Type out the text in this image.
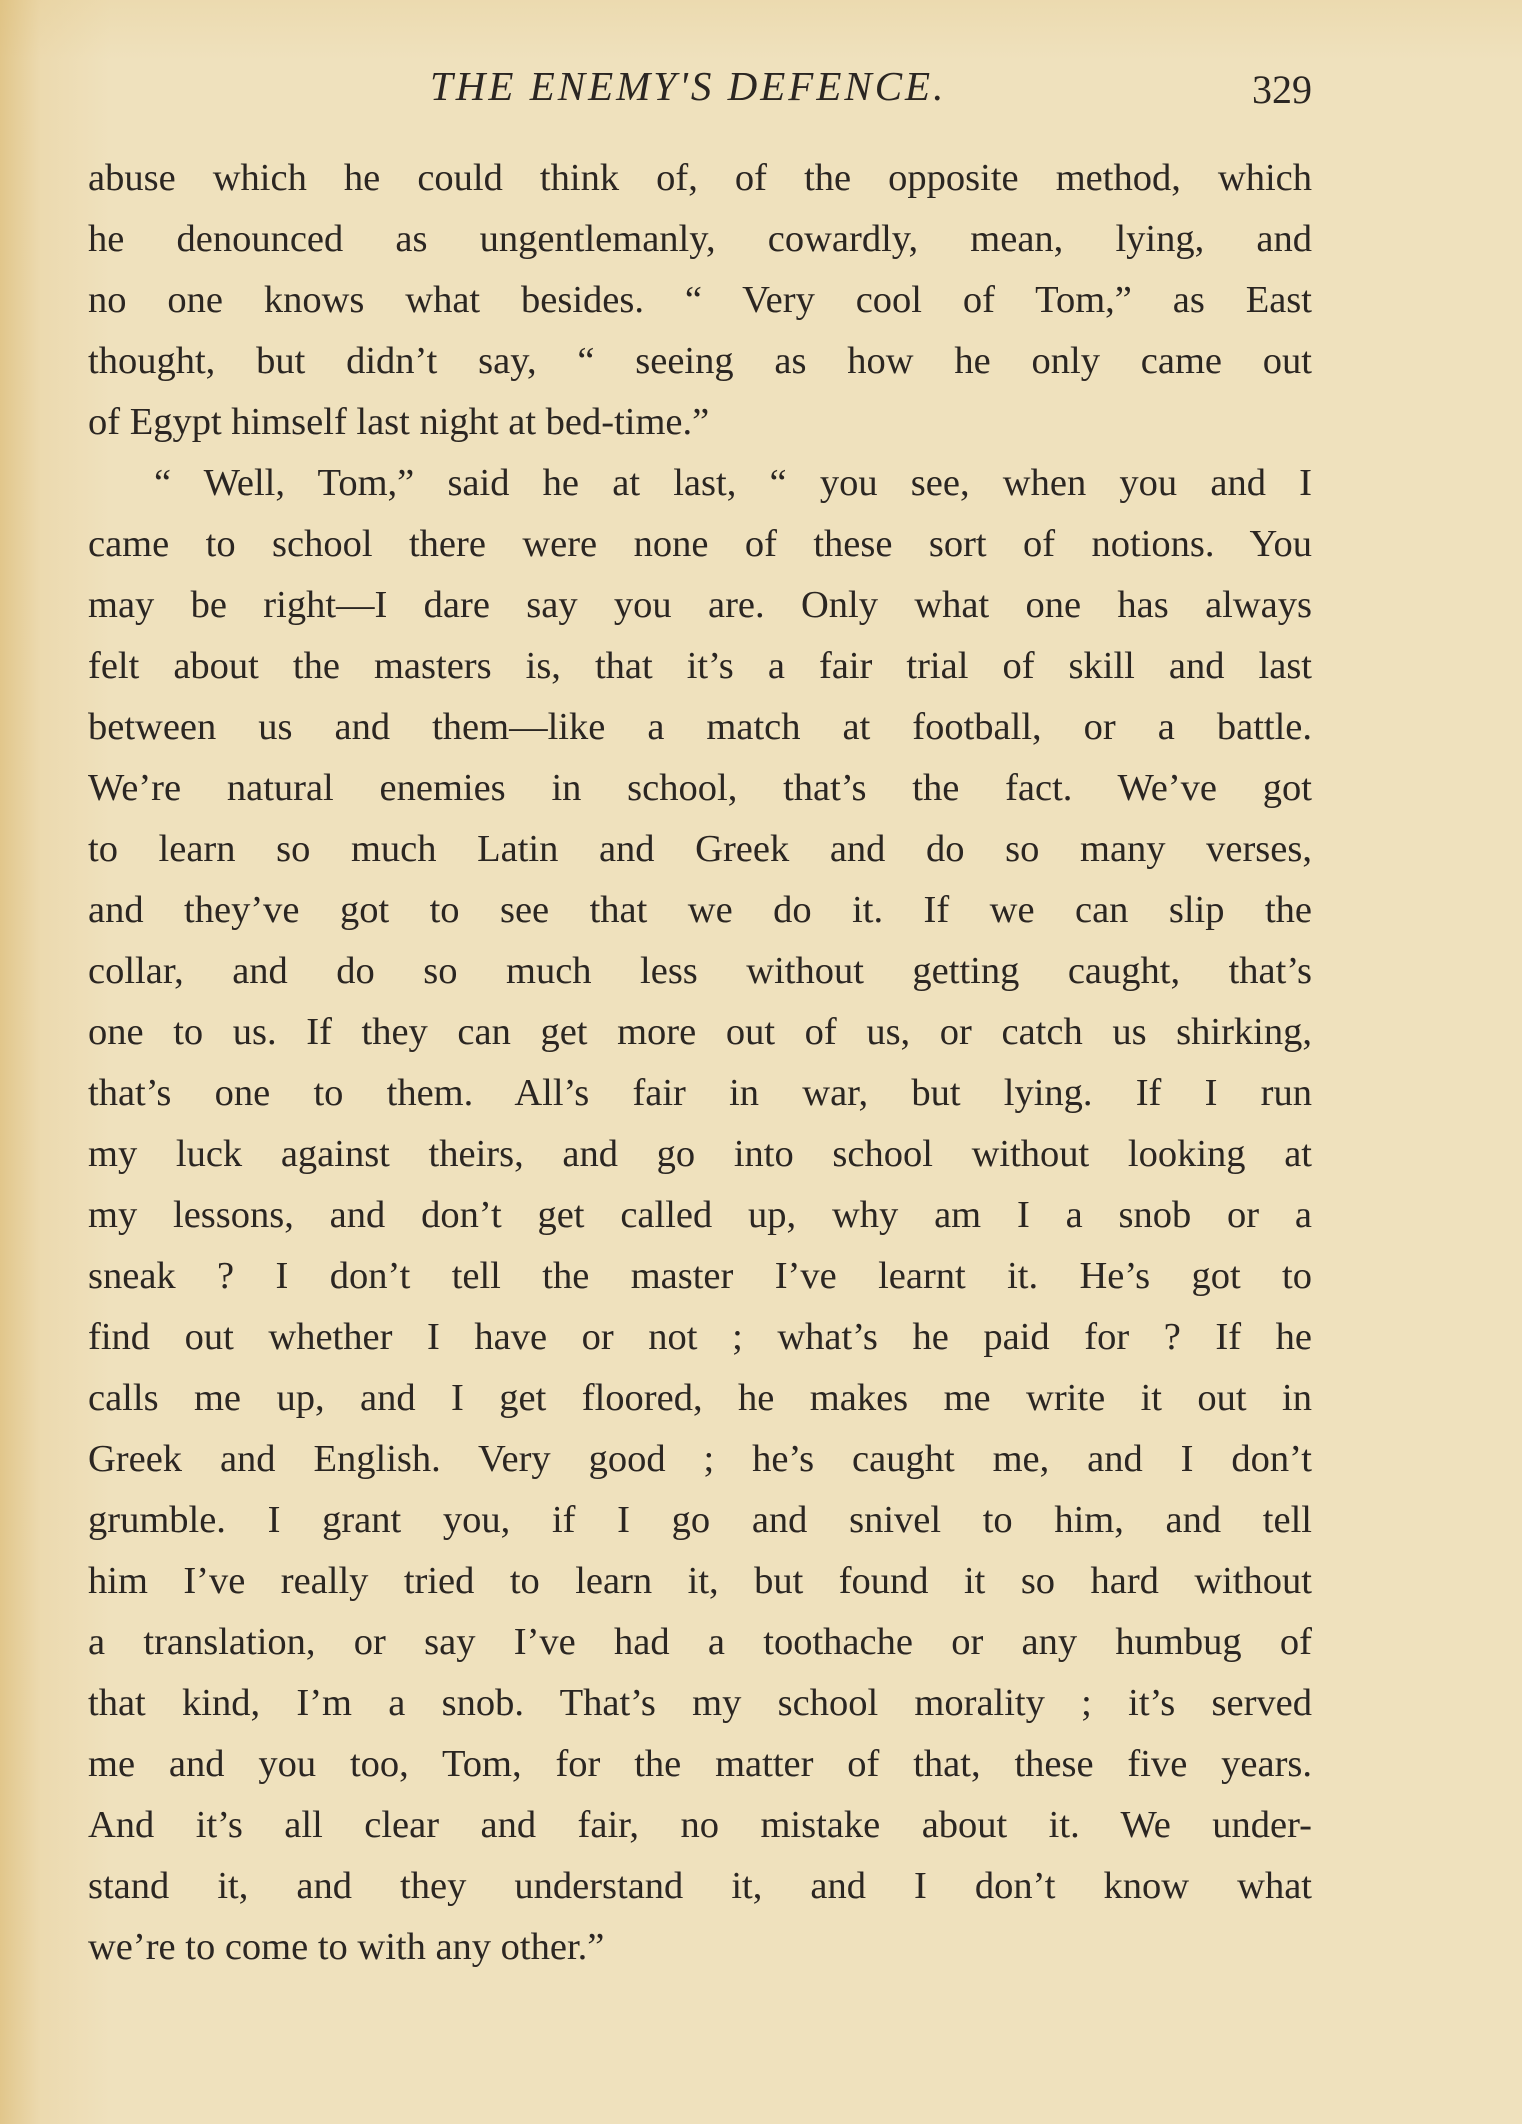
THE ENEMY'S DEFENCE.	329
abuse which he could think of, of the opposite method, which
he denounced as ungentlemanly, cowardly, mean, lying, and
no one knows what besides. “ Very cool of Tom,” as East
thought, but didn’t say, “ seeing as how he only came out
of Egypt himself last night at bed-time.”
“ Well, Tom,” said he at last, “ you see, when you and I
came to school there were none of these sort of notions. You
may be right—I dare say you are. Only what one has always
felt about the masters is, that it’s a fair trial of skill and last
between us and them—like a match at football, or a battle.
We’re natural enemies in school, that’s the fact. We’ve got
to learn so much Latin and Greek and do so many verses,
and they’ve got to see that we do it. If we can slip the
collar, and do so much less without getting caught, that’s
one to us. If they can get more out of us, or catch us shirking,
that’s one to them. All’s fair in war, but lying. If I run
my luck against theirs, and go into school without looking at
my lessons, and don’t get called up, why am I a snob or a
sneak ? I don’t tell the master I’ve learnt it. He’s got to
find out whether I have or not ; what’s he paid for ? If he
calls me up, and I get floored, he makes me write it out in
Greek and English. Very good ; he’s caught me, and I don’t
grumble. I grant you, if I go and snivel to him, and tell
him I’ve really tried to learn it, but found it so hard without
a translation, or say I’ve had a toothache or any humbug of
that kind, I’m a snob. That’s my school morality ; it’s served
me and you too, Tom, for the matter of that, these five years.
And it’s all clear and fair, no mistake about it. We under-
stand it, and they understand it, and I don’t know what
we’re to come to with any other.”
